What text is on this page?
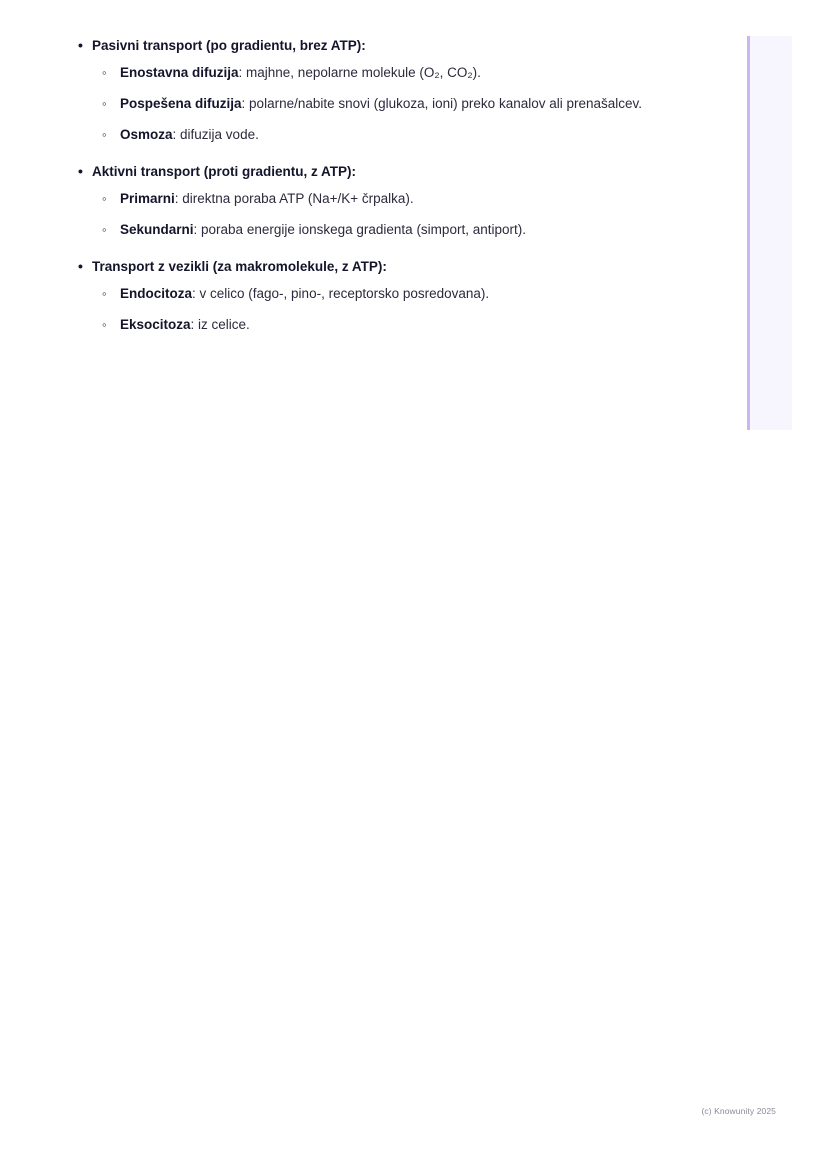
• Pasivni transport (po gradientu, brez ATP):
◦ Enostavna difuzija: majhne, nepolarne molekule (O₂, CO₂).
◦ Pospešena difuzija: polarne/nabite snovi (glukoza, ioni) preko kanalov ali prenašalcev.
◦ Osmoza: difuzija vode.
• Aktivni transport (proti gradientu, z ATP):
◦ Primarni: direktna poraba ATP (Na+/K+ črpalka).
◦ Sekundarni: poraba energije ionskega gradienta (simport, antiport).
• Transport z vezikli (za makromolekule, z ATP):
◦ Endocitoza: v celico (fago-, pino-, receptorsko posredovana).
◦ Eksocitoza: iz celice.
(c) Knowunity 2025
